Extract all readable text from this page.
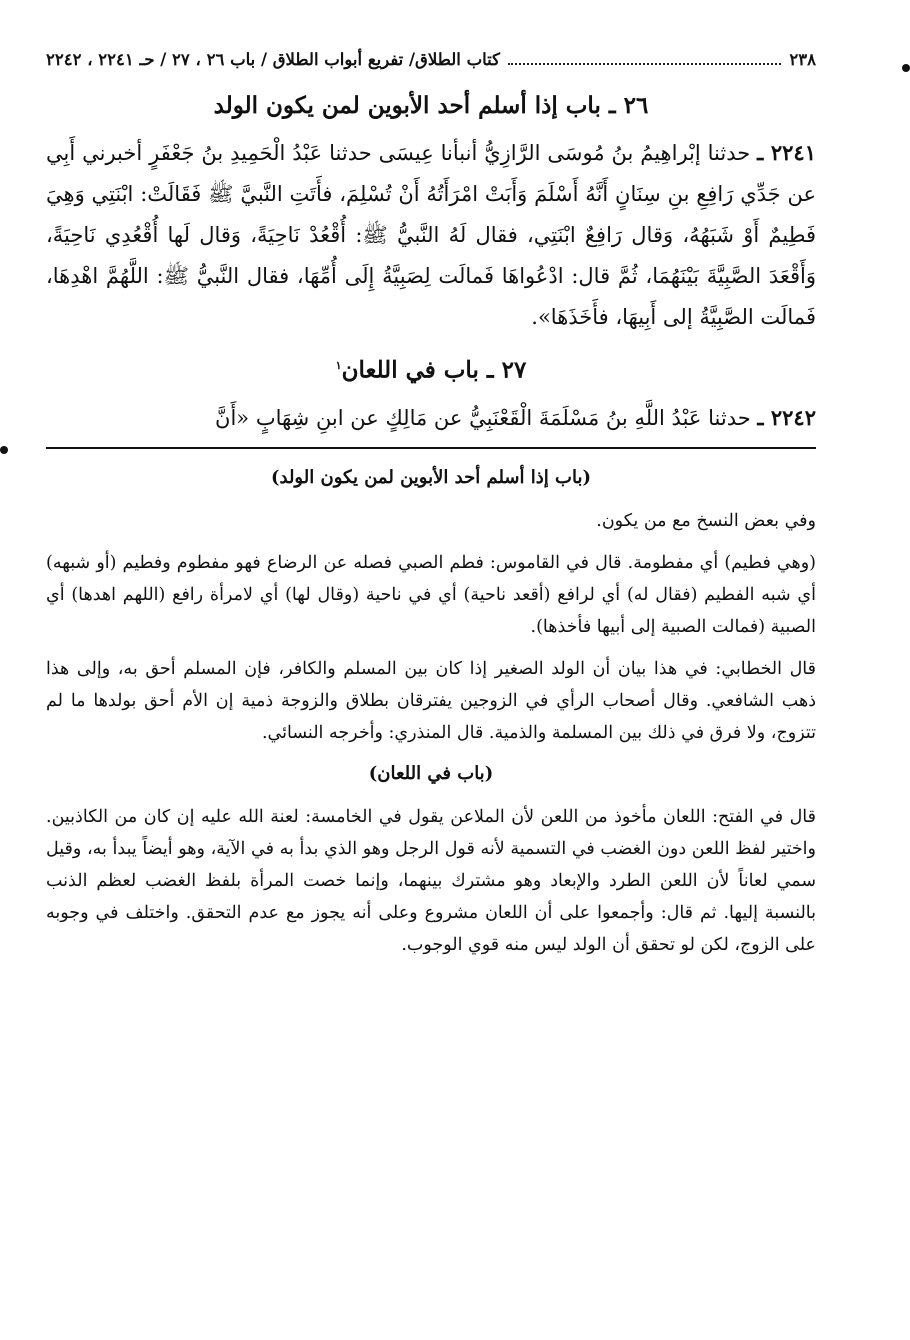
٢٣٨
كتاب الطلاق/ تفريع أبواب الطلاق / باب ٢٦ ، ٢٧ / حـ ٢٢٤١ ، ٢٢٤٢
٢٦ ـ باب إذا أسلم أحد الأبوين لمن يكون الولد

٢٢٤١ ـ حدثنا إبْراهِيمُ بنُ مُوسَى الرَّازِيُّ أنبأنا عِيسَى حدثنا عَبْدُ الْحَمِيدِ بنُ جَعْفَرٍ أخبرني أَبِي عن جَدِّي رَافِعِ بنِ سِنَانٍ أَنَّهُ أَسْلَمَ وَأَبَتْ امْرَأَتُهُ أَنْ تُسْلِمَ، فأَتَتِ النَّبيَّ ﷺ فَقَالَتْ: ابْنَتِي وَهِيَ فَطِيمٌ أَوْ شَبَهُهُ، وَقال رَافِعٌ ابْنَتِي، فقال لَهُ النَّبيُّ ﷺ: أُقْعُدْ نَاحِيَةً، وَقال لَها أُقْعُدِي نَاحِيَةً، وَأَقْعَدَ الصَّبِيَّةَ بَيْنَهُمَا، ثُمَّ قال: ادْعُواهَا فَمالَت لِصَبِيَّةُ إِلَى أُمِّهَا، فقال النَّبيُّ ﷺ: اللَّهُمَّ اهْدِهَا، فَمالَت الصَّبِيَّةُ إلى أَبِيهَا، فأَخَذَهَا».

٢٧ ـ باب في اللعان$^١$

٢٢٤٢ ـ حدثنا عَبْدُ اللَّهِ بنُ مَسْلَمَةَ الْقَعْنَبِيُّ عن مَالِكٍ عن ابنِ شِهَابٍ «أَنَّ

(باب إذا أسلم أحد الأبوين لمن يكون الولد)

وفي بعض النسخ مع من يكون.

(وهي فطيم) أي مفطومة. قال في القاموس: فطم الصبي فصله عن الرضاع فهو مفطوم وفطيم (أو شبهه) أي شبه الفطيم (فقال له) أي لرافع (أقعد ناحية) أي في ناحية (وقال لها) أي لامرأة رافع (اللهم اهدها) أي الصبية (فمالت الصبية إلى أبيها فأخذها).

قال الخطابي: في هذا بيان أن الولد الصغير إذا كان بين المسلم والكافر، فإن المسلم أحق به، وإلى هذا ذهب الشافعي. وقال أصحاب الرأي في الزوجين يفترقان بطلاق والزوجة ذمية إن الأم أحق بولدها ما لم تتزوج، ولا فرق في ذلك بين المسلمة والذمية. قال المنذري: وأخرجه النسائي.

(باب في اللعان)

قال في الفتح: اللعان مأخوذ من اللعن لأن الملاعن يقول في الخامسة: لعنة الله عليه إن كان من الكاذبين. واختير لفظ اللعن دون الغضب في التسمية لأنه قول الرجل وهو الذي بدأ به في الآية، وهو أيضاً يبدأ به، وقيل سمي لعاناً لأن اللعن الطرد والإبعاد وهو مشترك بينهما، وإنما خصت المرأة بلفظ الغضب لعظم الذنب بالنسبة إليها. ثم قال: وأجمعوا على أن اللعان مشروع وعلى أنه يجوز مع عدم التحقق. واختلف في وجوبه على الزوج، لكن لو تحقق أن الولد ليس منه قوي الوجوب.
